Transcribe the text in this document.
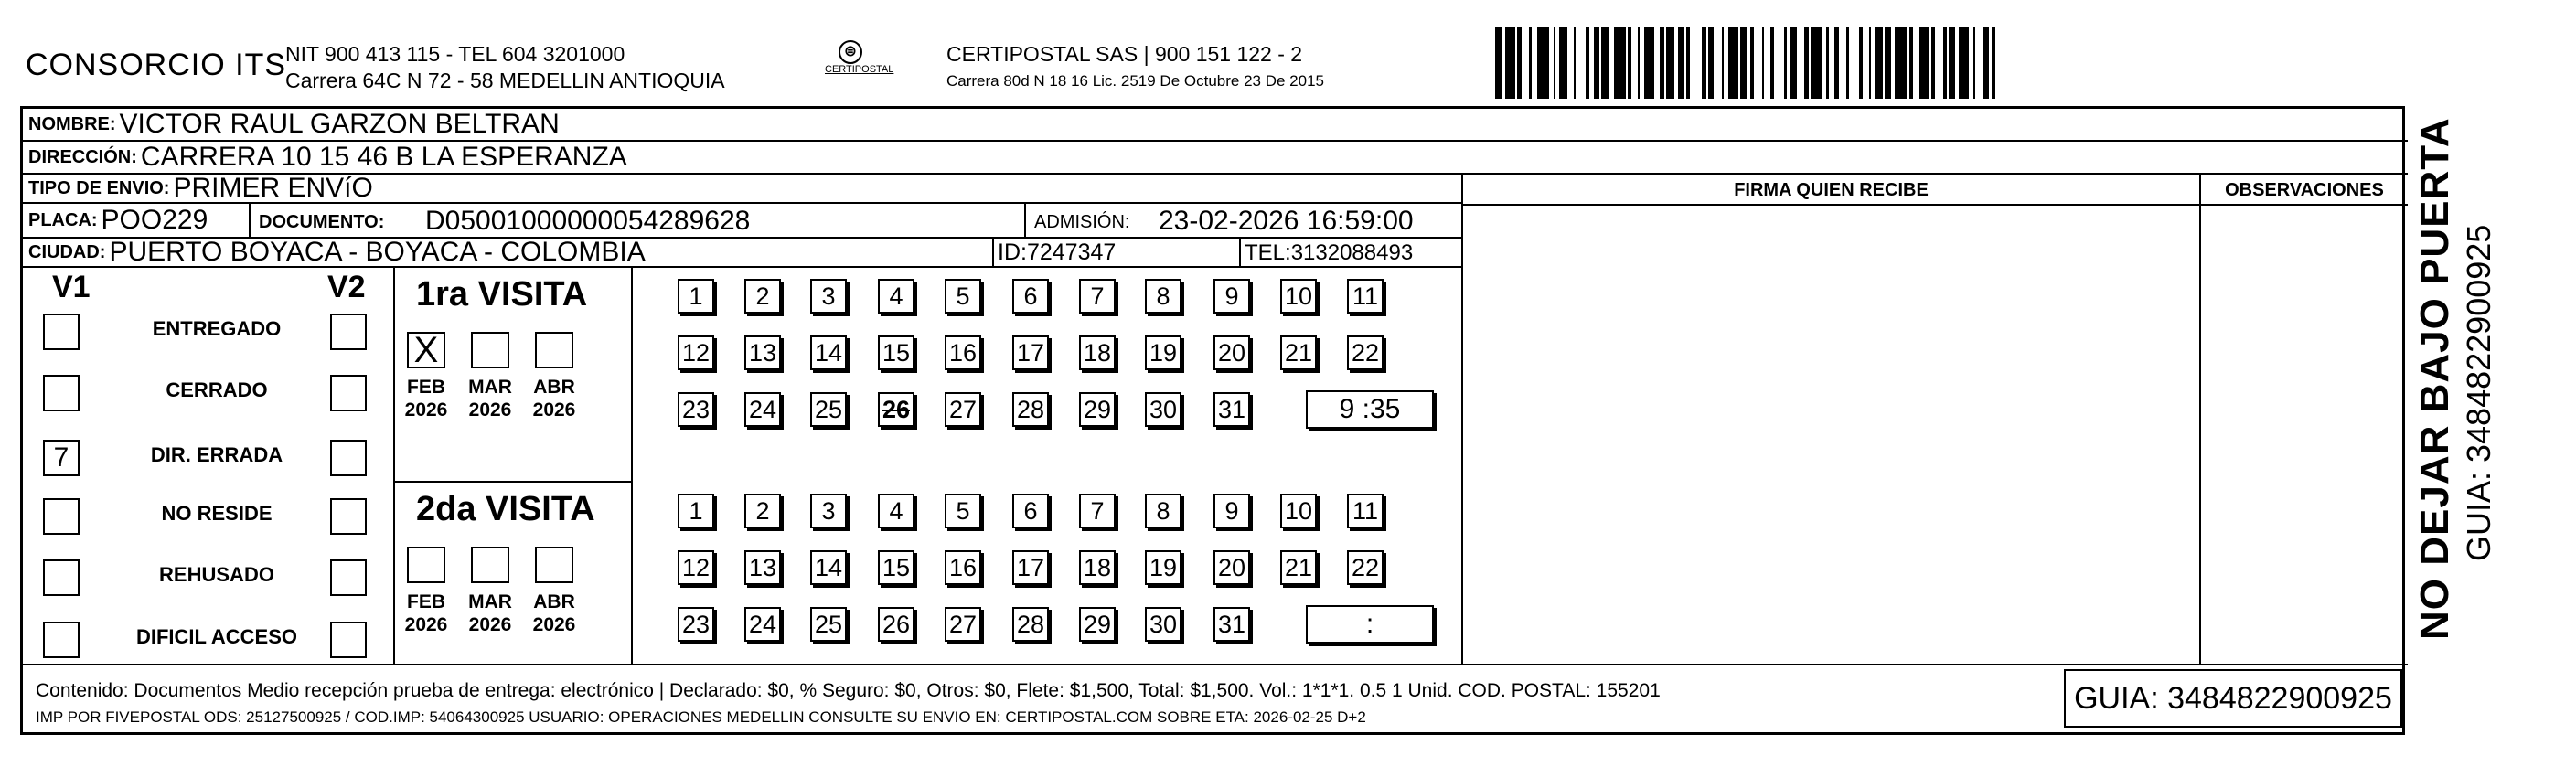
CONSORCIO ITS
NIT 900 413 115 - TEL 604 3201000
Carrera 64C N 72 - 58 MEDELLIN ANTIOQUIA
⊜
CERTIPOSTAL
CERTIPOSTAL SAS | 900 151 122 - 2
Carrera 80d N 18 16 Lic. 2519 De Octubre 23 De 2015
NOMBRE: VICTOR RAUL GARZON BELTRAN
DIRECCIÓN: CARRERA 10 15 46 B LA ESPERANZA
TIPO DE ENVIO: PRIMER ENVíO
PLACA: POO229	DOCUMENTO: D05001000000054289628	ADMISIÓN: 23-02-2026 16:59:00
CIUDAD: PUERTO BOYACA - BOYACA - COLOMBIA	ID:7247347	TEL:3132088493
FIRMA QUIEN RECIBE	OBSERVACIONES
V1	V2
ENTREGADO
CERRADO
7	DIR. ERRADA
NO RESIDE
REHUSADO
DIFICIL ACCESO
1ra VISITA
X
FEB
2026
MAR
2026
ABR
2026
1	2	3	4	5	6	7	8	9	10 11
12 13 14 15 16 17 18 19 20 21 22
23 24 25 26 27 28 29 30 31	9 :35
2da VISITA
FEB
2026
MAR
2026
ABR
2026
1	2	3	4	5	6	7	8	9	10 11
12 13 14 15 16 17 18 19 20 21 22
23 24 25 26 27 28 29 30 31	:
Contenido: Documentos Medio recepción prueba de entrega: electrónico | Declarado: $0, % Seguro: $0, Otros: $0, Flete: $1,500, Total: $1,500. Vol.: 1*1*1. 0.5 1 Unid. COD. POSTAL: 155201
IMP POR FIVEPOSTAL ODS: 25127500925 / COD.IMP: 54064300925 USUARIO: OPERACIONES MEDELLIN CONSULTE SU ENVIO EN: CERTIPOSTAL.COM SOBRE ETA: 2026-02-25 D+2
GUIA: 3484822900925
NO DEJAR BAJO PUERTA GUIA: 3484822900925
